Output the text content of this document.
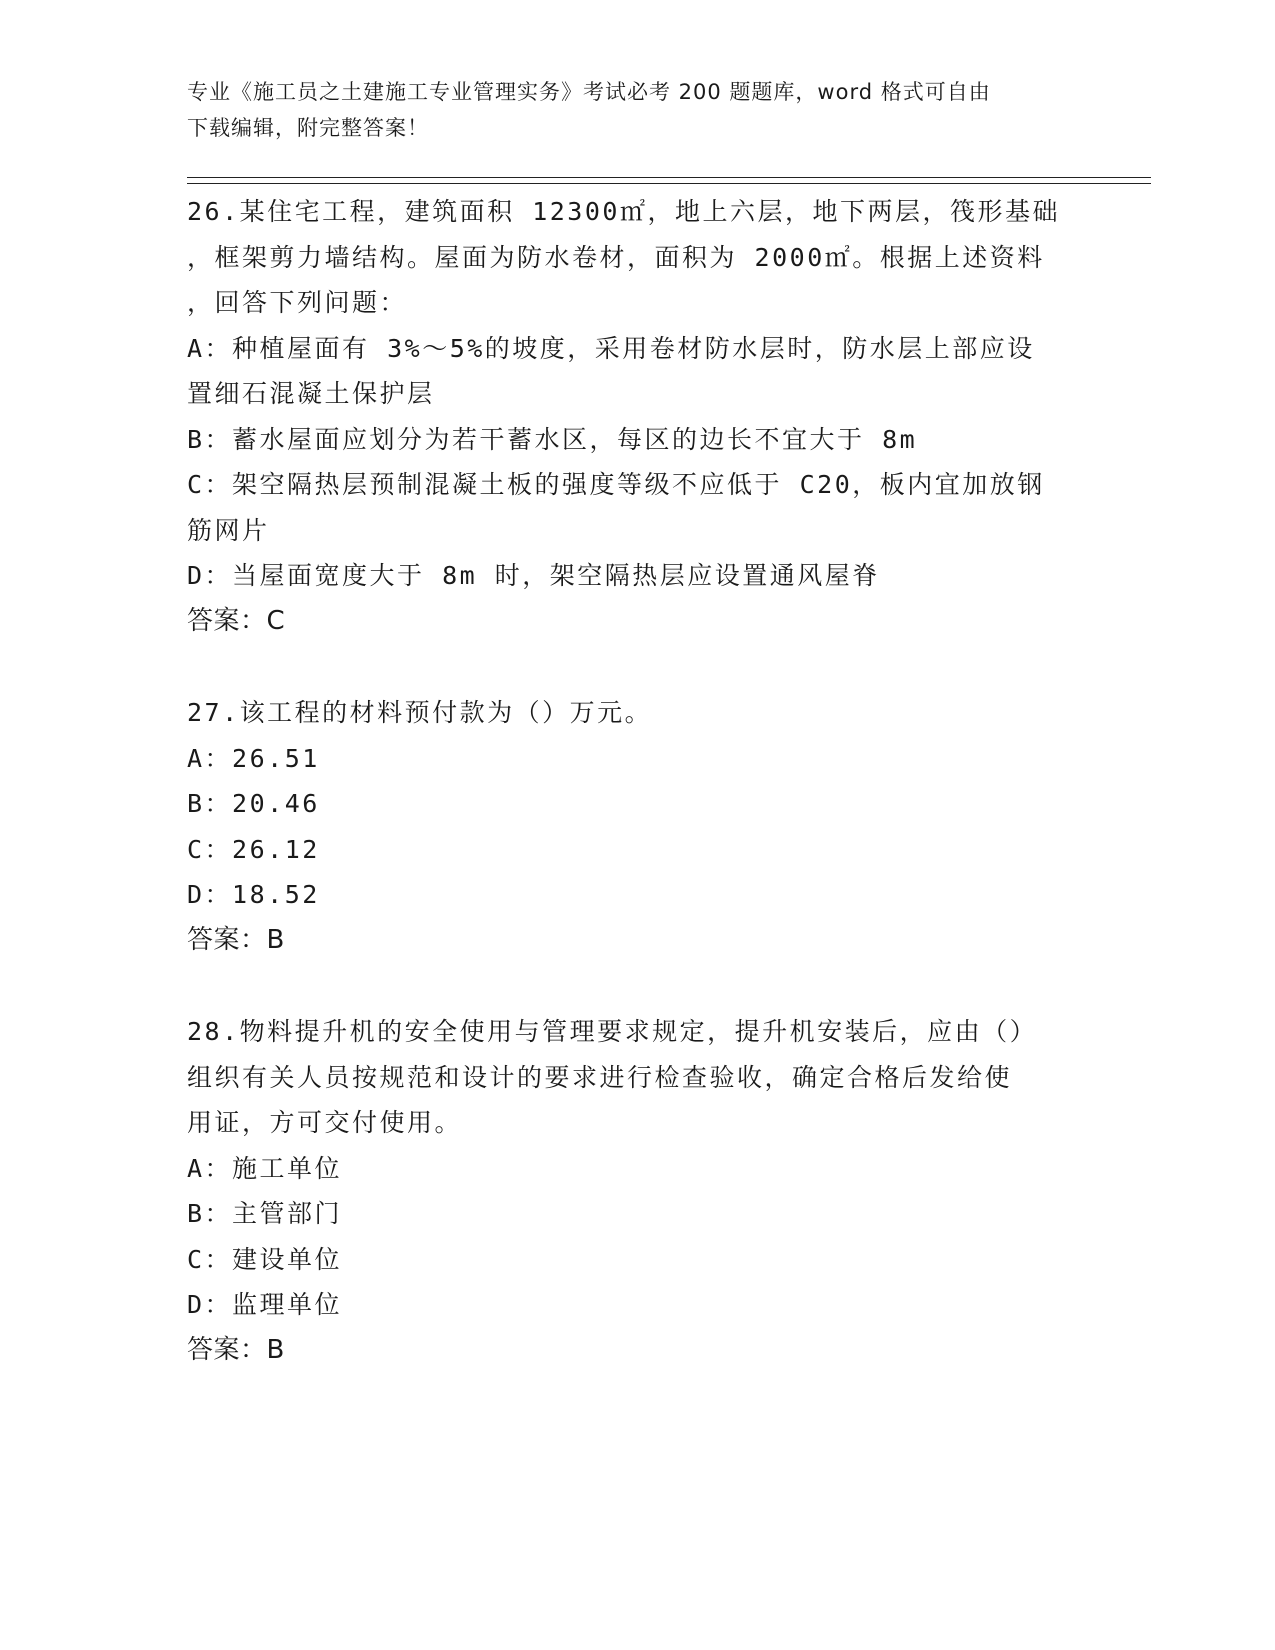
专业《施工员之土建施工专业管理实务》考试必考 200 题题库，word 格式可自由
下载编辑，附完整答案！
26.某住宅工程，建筑面积 12300㎡，地上六层，地下两层，筏形基础
，框架剪力墙结构。屋面为防水卷材，面积为 2000㎡。根据上述资料
，回答下列问题：
A：种植屋面有 3%～5%的坡度，采用卷材防水层时，防水层上部应设
置细石混凝土保护层
B：蓄水屋面应划分为若干蓄水区，每区的边长不宜大于 8m
C：架空隔热层预制混凝土板的强度等级不应低于 C20，板内宜加放钢
筋网片
D：当屋面宽度大于 8m 时，架空隔热层应设置通风屋脊
答案：C
27.该工程的材料预付款为（）万元。
A：26.51
B：20.46
C：26.12
D：18.52
答案：B
28.物料提升机的安全使用与管理要求规定，提升机安装后，应由（）
组织有关人员按规范和设计的要求进行检查验收，确定合格后发给使
用证，方可交付使用。
A：施工单位
B：主管部门
C：建设单位
D：监理单位
答案：B
